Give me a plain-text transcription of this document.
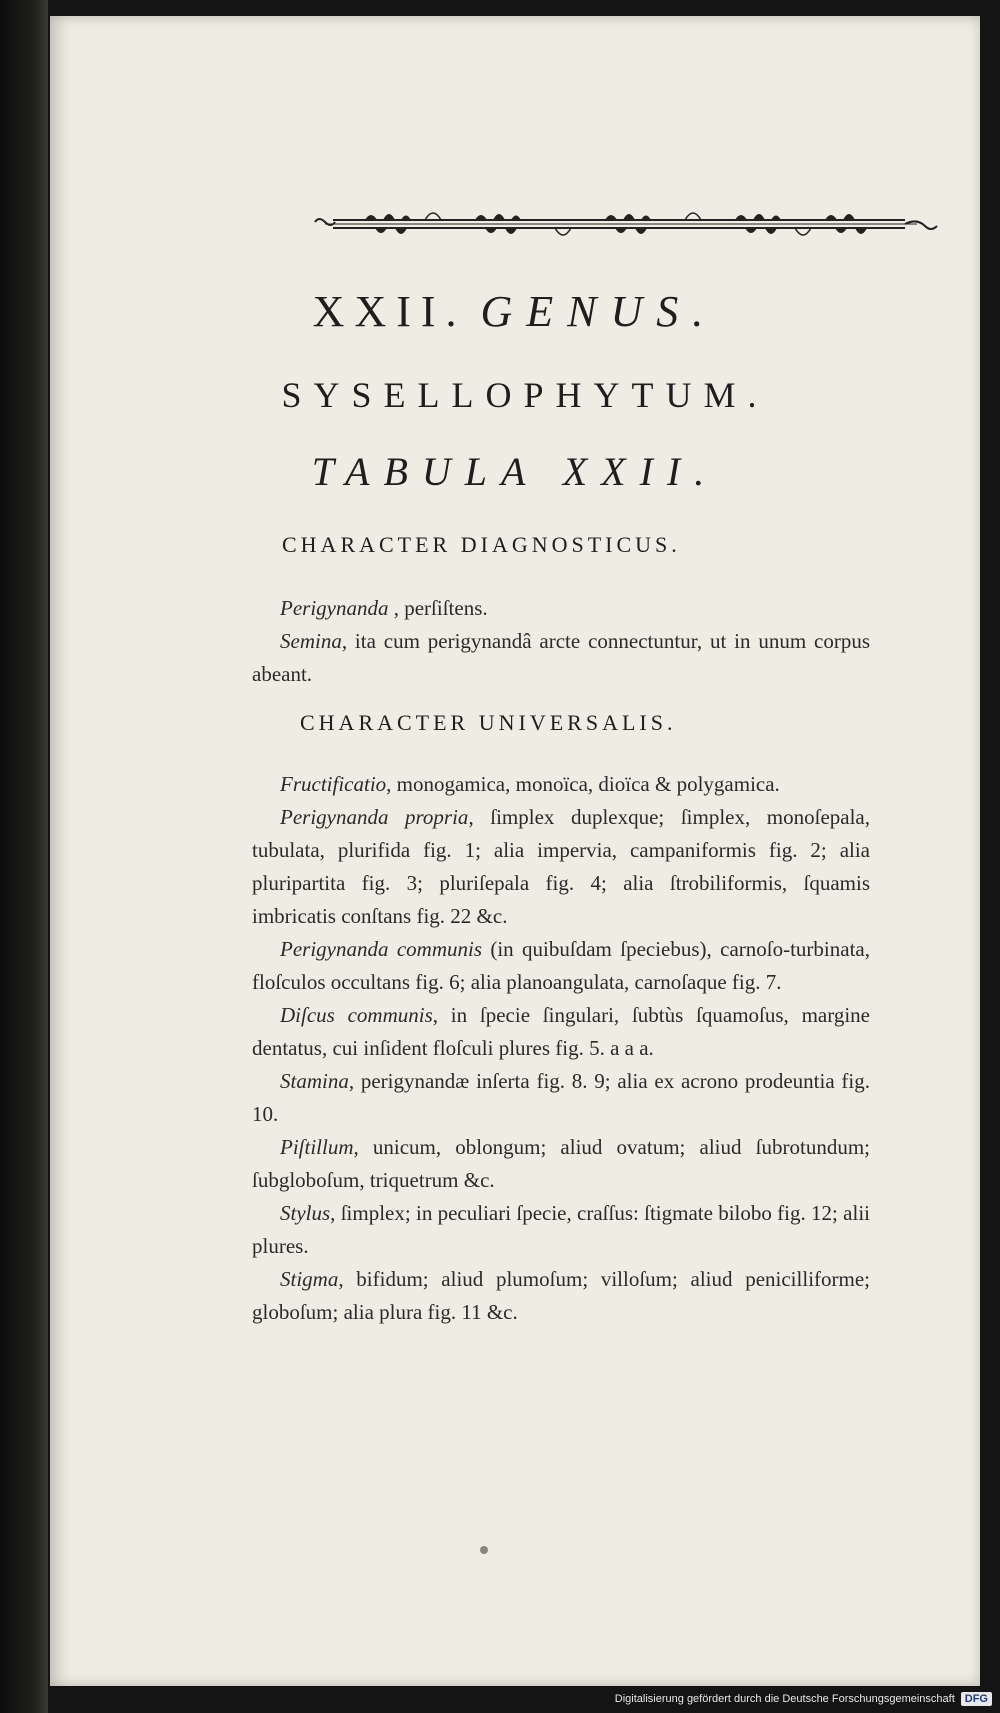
XXII. GENUS.
SYSELLOPHYTUM.
TABULA XXII.
CHARACTER DIAGNOSTICUS.

Perigynanda , perſiſtens.

Semina, ita cum perigynandâ arcte connectuntur, ut in unum corpus abeant.

CHARACTER UNIVERSALIS.

Fructificatio, monogamica, monoïca, dioïca & polygamica.

Perigynanda propria, ſimplex duplexque; ſimplex, monoſepala, tubulata, plurifida fig. 1; alia impervia, campaniformis fig. 2; alia pluripartita fig. 3; pluriſepala fig. 4; alia ſtrobiliformis, ſquamis imbricatis conſtans fig. 22 &c.

Perigynanda communis (in quibuſdam ſpeciebus), carnoſo-turbinata, floſculos occultans fig. 6; alia planoangulata, carnoſaque fig. 7.

Diſcus communis, in ſpecie ſingulari, ſubtùs ſquamoſus, margine dentatus, cui inſident floſculi plures fig. 5. a a a.

Stamina, perigynandæ inſerta fig. 8. 9; alia ex acrono prodeuntia fig. 10.

Piſtillum, unicum, oblongum; aliud ovatum; aliud ſubrotundum; ſubgloboſum, triquetrum &c.

Stylus, ſimplex; in peculiari ſpecie, craſſus: ſtigmate bilobo fig. 12; alii plures.

Stigma, bifidum; aliud plumoſum; villoſum; aliud penicilliforme; globoſum; alia plura fig. 11 &c.

Digitalisierung gefördert durch die Deutsche Forschungsgemeinschaft DFG
